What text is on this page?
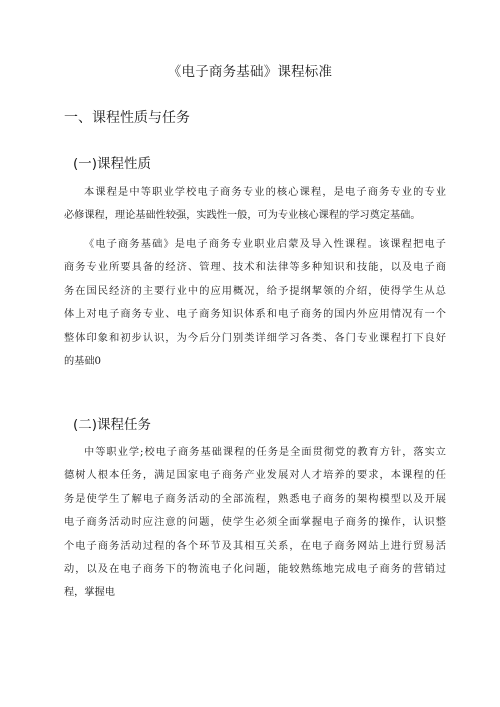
《电子商务基础》课程标准
一、课程性质与任务
(一)课程性质

本课程是中等职业学校电子商务专业的核心课程，是电子商务专业的专业
必修课程，理论基础性较强，实践性一般，可为专业核心课程的学习奠定基础。

《电子商务基础》是电子商务专业职业启蒙及导入性课程。该课程把电子
商务专业所要具备的经济、管理、技术和法律等多种知识和技能，以及电子商
务在国民经济的主要行业中的应用概况，给予提纲挈领的介绍，使得学生从总
体上对电子商务专业、电子商务知识体系和电子商务的国内外应用情况有一个
整体印象和初步认识，为今后分门别类详细学习各类、各门专业课程打下良好
的基础0

(二)课程任务

中等职业学;校电子商务基础课程的任务是全面贯彻党的教育方针，落实立
德树人根本任务，满足国家电子商务产业发展对人才培养的要求，本课程的任
务是使学生了解电子商务活动的全部流程，熟悉电子商务的架构模型以及开展
电子商务活动时应注意的问题，使学生必须全面掌握电子商务的操作，认识整
个电子商务活动过程的各个环节及其相互关系，在电子商务网站上进行贸易活
动，以及在电子商务下的物流电子化问题，能较熟练地完成电子商务的营销过
程，掌握电
